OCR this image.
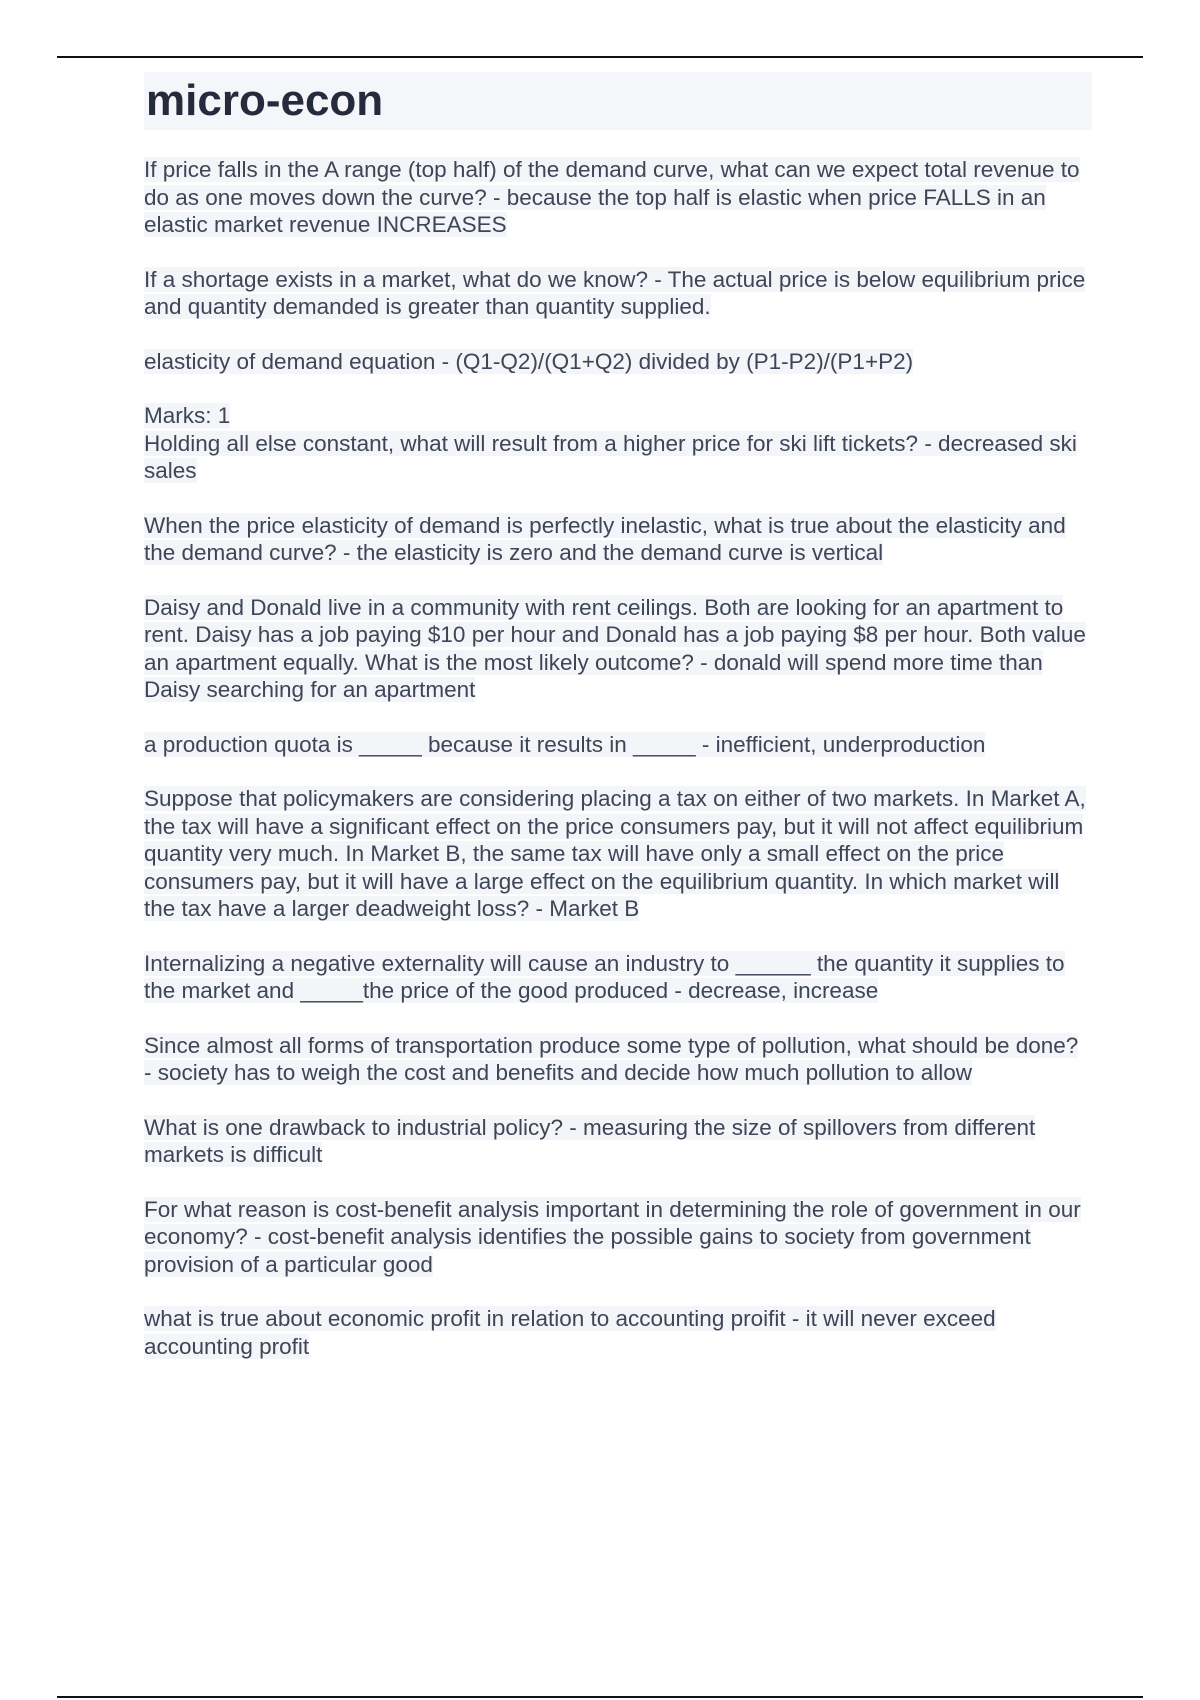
micro-econ

If price falls in the A range (top half) of the demand curve, what can we expect total revenue to do as one moves down the curve? - because the top half is elastic when price FALLS in an elastic market revenue INCREASES

If a shortage exists in a market, what do we know? - The actual price is below equilibrium price and quantity demanded is greater than quantity supplied.

elasticity of demand equation - (Q1-Q2)/(Q1+Q2) divided by (P1-P2)/(P1+P2)

Marks: 1

Holding all else constant, what will result from a higher price for ski lift tickets? - decreased ski sales

When the price elasticity of demand is perfectly inelastic, what is true about the elasticity and the demand curve? - the elasticity is zero and the demand curve is vertical

Daisy and Donald live in a community with rent ceilings. Both are looking for an apartment to rent. Daisy has a job paying $10 per hour and Donald has a job paying $8 per hour. Both value an apartment equally. What is the most likely outcome? - donald will spend more time than Daisy searching for an apartment

a production quota is _____ because it results in _____ - inefficient, underproduction

Suppose that policymakers are considering placing a tax on either of two markets. In Market A, the tax will have a significant effect on the price consumers pay, but it will not affect equilibrium quantity very much. In Market B, the same tax will have only a small effect on the price consumers pay, but it will have a large effect on the equilibrium quantity. In which market will the tax have a larger deadweight loss? - Market B

Internalizing a negative externality will cause an industry to ______ the quantity it supplies to the market and _____the price of the good produced - decrease, increase

Since almost all forms of transportation produce some type of pollution, what should be done? - society has to weigh the cost and benefits and decide how much pollution to allow

What is one drawback to industrial policy? - measuring the size of spillovers from different markets is difficult

For what reason is cost-benefit analysis important in determining the role of government in our economy? - cost-benefit analysis identifies the possible gains to society from government provision of a particular good

what is true about economic profit in relation to accounting proifit - it will never exceed accounting profit
